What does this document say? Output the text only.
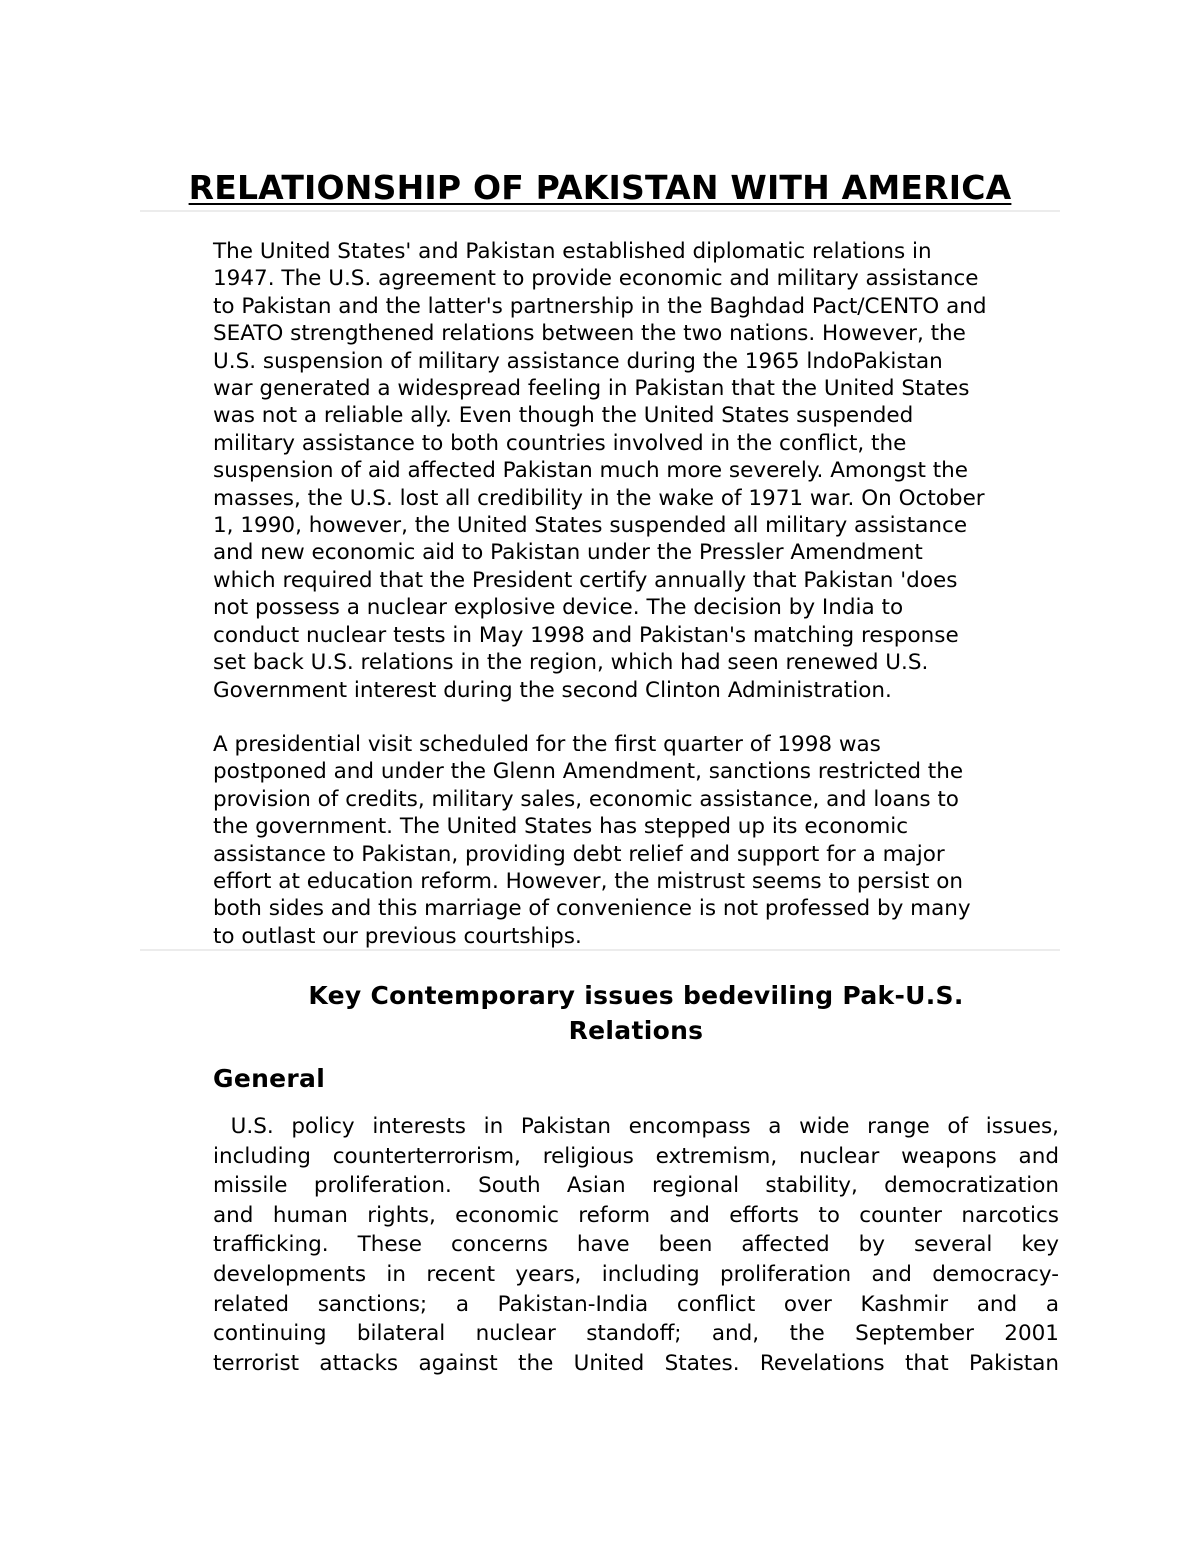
RELATIONSHIP OF PAKISTAN WITH AMERICA

The United States' and Pakistan established diplomatic relations in
1947. The U.S. agreement to provide economic and military assistance
to Pakistan and the latter's partnership in the Baghdad Pact/CENTO and
SEATO strengthened relations between the two nations. However, the
U.S. suspension of military assistance during the 1965 lndoPakistan
war generated a widespread feeling in Pakistan that the United States
was not a reliable ally. Even though the United States suspended
military assistance to both countries involved in the conflict, the
suspension of aid affected Pakistan much more severely. Amongst the
masses, the U.S. lost all credibility in the wake of 1971 war. On October
1, 1990, however, the United States suspended all military assistance
and new economic aid to Pakistan under the Pressler Amendment
which required that the President certify annually that Pakistan 'does
not possess a nuclear explosive device. The decision by India to
conduct nuclear tests in May 1998 and Pakistan's matching response
set back U.S. relations in the region, which had seen renewed U.S.
Government interest during the second Clinton Administration.

A presidential visit scheduled for the first quarter of 1998 was
postponed and under the Glenn Amendment, sanctions restricted the
provision of credits, military sales, economic assistance, and loans to
the government. The United States has stepped up its economic
assistance to Pakistan, providing debt relief and support for a major
effort at education reform. However, the mistrust seems to persist on
both sides and this marriage of convenience is not professed by many
to outlast our previous courtships.

Key Contemporary issues bedeviling Pak-U.S.
Relations
General
U.S. policy interests in Pakistan encompass a wide range of issues,
including counterterrorism, religious extremism, nuclear weapons and
missile proliferation. South Asian regional stability, democratization
and human rights, economic reform and efforts to counter narcotics
trafficking. These concerns have been affected by several key
developments in recent years, including proliferation and democracy-
related sanctions; a Pakistan-India conflict over Kashmir and a
continuing bilateral nuclear standoff; and, the September 2001
terrorist attacks against the United States. Revelations that Pakistan
